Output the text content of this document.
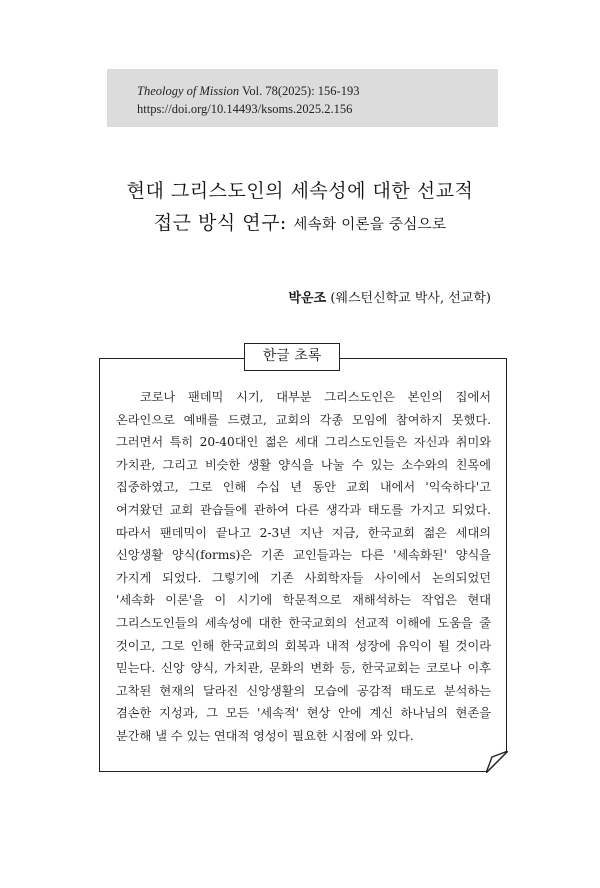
Theology of Mission Vol. 78(2025): 156-193
https://doi.org/10.14493/ksoms.2025.2.156
현대 그리스도인의 세속성에 대한 선교적
접근 방식 연구: 세속화 이론을 중심으로
박운조 (웨스턴신학교 박사, 선교학)
한글 초록

코로나 팬데믹 시기, 대부분 그리스도인은 본인의 집에서 온라인으로 예배를 드렸고, 교회의 각종 모임에 참여하지 못했다. 그러면서 특히 20-40대인 젊은 세대 그리스도인들은 자신과 취미와 가치관, 그리고 비슷한 생활 양식을 나눌 수 있는 소수와의 친목에 집중하였고, 그로 인해 수십 년 동안 교회 내에서 '익숙하다'고 여겨왔던 교회 관습들에 관하여 다른 생각과 태도를 가지고 되었다. 따라서 팬데믹이 끝나고 2-3년 지난 지금, 한국교회 젊은 세대의 신앙생활 양식(forms)은 기존 교인들과는 다른 '세속화된' 양식을 가지게 되었다. 그렇기에 기존 사회학자들 사이에서 논의되었던 '세속화 이론'을 이 시기에 학문적으로 재해석하는 작업은 현대 그리스도인들의 세속성에 대한 한국교회의 선교적 이해에 도움을 줄 것이고, 그로 인해 한국교회의 회복과 내적 성장에 유익이 될 것이라 믿는다. 신앙 양식, 가치관, 문화의 변화 등, 한국교회는 코로나 이후 고착된 현재의 달라진 신앙생활의 모습에 공감적 태도로 분석하는 겸손한 지성과, 그 모든 '세속적' 현상 안에 계신 하나님의 현존을 분간해 낼 수 있는 연대적 영성이 필요한 시점에 와 있다.
